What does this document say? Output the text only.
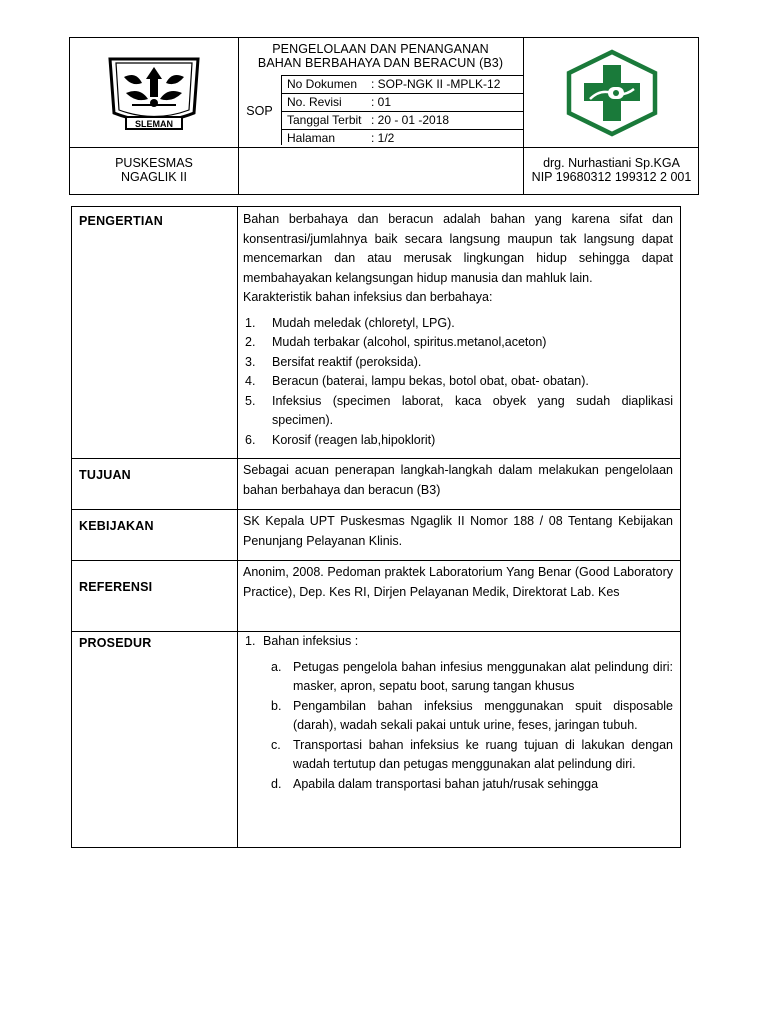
SLEMAN
PENGELOLAAN DAN PENANGANAN
BAHAN BERBAHAYA DAN BERACUN (B3)
SOP
No Dokumen : SOP-NGK II -MPLK-12
No. Revisi : 01
Tanggal Terbit : 20 - 01 -2018
Halaman	: 1/2
PUSKESMAS
NGAGLIK II
drg. Nurhastiani Sp.KGA
NIP 19680312 199312 2 001
PENGERTIAN	Bahan berbahaya dan beracun adalah bahan yang karena sifat dan konsentrasi/jumlahnya baik secara langsung maupun tak langsung dapat mencemarkan dan atau merusak lingkungan hidup sehingga dapat membahayakan kelangsungan hidup manusia dan mahluk lain.

Karakteristik bahan infeksius dan berbahaya:

1. Mudah meledak (chloretyl, LPG).
2. Mudah terbakar (alcohol, spiritus.metanol,aceton)
3. Bersifat reaktif (peroksida).
4. Beracun (baterai, lampu bekas, botol obat, obat- obatan).
5. Infeksius (specimen laborat, kaca obyek yang sudah diaplikasi specimen).
6. Korosif (reagen lab,hipoklorit)
TUJUAN	Sebagai acuan penerapan langkah-langkah dalam melakukan pengelolaan bahan berbahaya dan beracun (B3)
KEBIJAKAN	SK Kepala UPT Puskesmas Ngaglik II Nomor 188 / 08 Tentang Kebijakan Penunjang Pelayanan Klinis.
REFERENSI
Anonim, 2008. Pedoman praktek Laboratorium Yang Benar (Good Laboratory Practice), Dep. Kes RI, Dirjen Pelayanan Medik, Direktorat Lab. Kes
PROSEDUR	1. Bahan infeksius :
a. Petugas pengelola bahan infesius menggunakan alat pelindung diri: masker, apron, sepatu boot, sarung tangan khusus
b. Pengambilan bahan infeksius menggunakan spuit disposable (darah), wadah sekali pakai untuk urine, feses, jaringan tubuh.
c. Transportasi bahan infeksius ke ruang tujuan di lakukan dengan wadah tertutup dan petugas menggunakan alat pelindung diri.
d. Apabila dalam transportasi bahan jatuh/rusak sehingga
